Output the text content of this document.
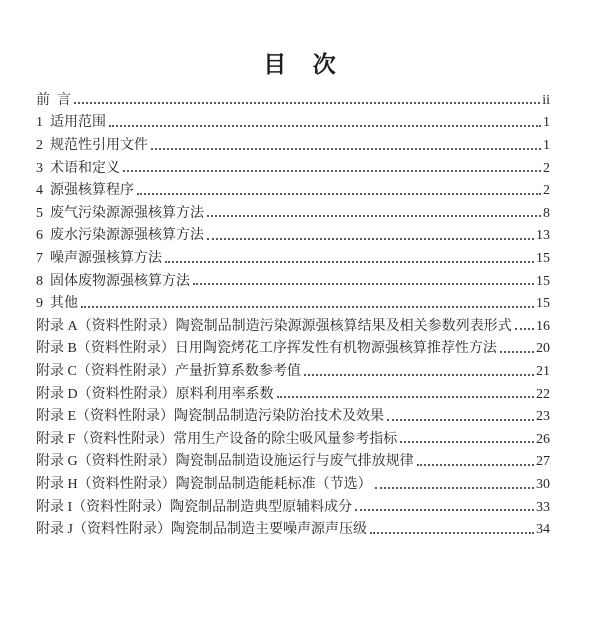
目  次
前  言	ii
1  适用范围	1
2  规范性引用文件	1
3  术语和定义	2
4  源强核算程序	2
5  废气污染源源强核算方法	8
6  废水污染源源强核算方法	13
7  噪声源强核算方法	15
8  固体废物源强核算方法	15
9  其他	15
附录 A（资料性附录）陶瓷制品制造污染源源强核算结果及相关参数列表形式 16
附录 B（资料性附录）日用陶瓷烤花工序挥发性有机物源强核算推荐性方法	20
附录 C（资料性附录）产量折算系数参考值	21
附录 D（资料性附录）原料利用率系数	22
附录 E（资料性附录）陶瓷制品制造污染防治技术及效果	23
附录 F（资料性附录）常用生产设备的除尘吸风量参考指标	26
附录 G（资料性附录）陶瓷制品制造设施运行与废气排放规律	27
附录 H（资料性附录）陶瓷制品制造能耗标准（节选）	30
附录 I（资料性附录）陶瓷制品制造典型原辅料成分	33
附录 J（资料性附录）陶瓷制品制造主要噪声源声压级	34
